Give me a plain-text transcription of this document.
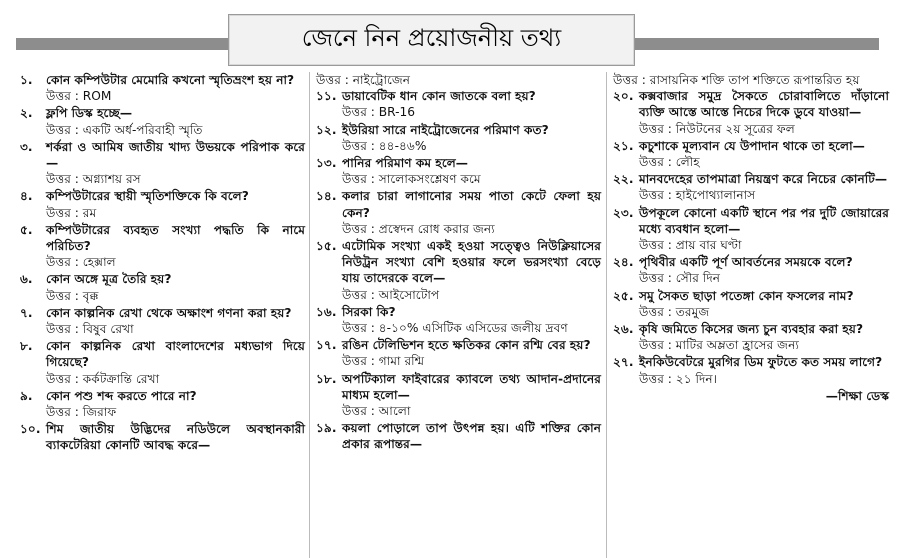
জেনে নিন প্রয়োজনীয় তথ্য
১.	কোন কম্পিউটার মেমোরি কখনো স্মৃতিভ্রংশ হয় না?
উত্তর : ROM
২.	ফ্লপি ডিস্ক হচ্ছে—
উত্তর : একটি অর্ধ-পরিবাহী স্মৃতি
৩.	শর্করা ও আমিষ জাতীয় খাদ্য উভয়কে পরিপাক করে—
উত্তর : অগ্ন্যাশয় রস
৪.	কম্পিউটারের স্থায়ী স্মৃতিশক্তিকে কি বলে?
উত্তর : রম
৫.	কম্পিউটারের ব্যবহৃত সংখ্যা পদ্ধতি কি নামে পরিচিত?
উত্তর : হেক্সাল
৬.	কোন অঙ্গে মূত্র তৈরি হয়?
উত্তর : বৃক্ক
৭.	কোন কাল্পনিক রেখা থেকে অক্ষাংশ গণনা করা হয়?
উত্তর : বিষুব রেখা
৮.	কোন কাল্পনিক রেখা বাংলাদেশের মধ্যভাগ দিয়ে গিয়েছে?
উত্তর : কর্কটক্রান্তি রেখা
৯.	কোন পশু শব্দ করতে পারে না?
উত্তর : জিরাফ
১০. শিম জাতীয় উদ্ভিদের নডিউলে অবস্থানকারী ব্যাকটেরিয়া কোনটি আবদ্ধ করে—
উত্তর : নাইট্রোজেন
১১. ডায়াবেটিক ধান কোন জাতকে বলা হয়?
উত্তর : BR-16
১২. ইউরিয়া সারে নাইট্রোজেনের পরিমাণ কত?
উত্তর : ৪৪-৪৬%
১৩. পানির পরিমাণ কম হলে—
উত্তর : সালোকসংশ্লেষণ কমে
১৪. কলার চারা লাগানোর সময় পাতা কেটে ফেলা হয় কেন?
উত্তর : প্রস্বেদন রোধ করার জন্য
১৫. এটোমিক সংখ্যা একই হওয়া সত্ত্বেও নিউক্লিয়াসের নিউট্রন সংখ্যা বেশি হওয়ার ফলে ভরসংখ্যা বেড়ে যায় তাদেরকে বলে—
উত্তর : আইসোটোপ
১৬. সিরকা কি?
উত্তর : ৪-১০% এসিটিক এসিডের জলীয় দ্রবণ
১৭. রঙিন টেলিভিশন হতে ক্ষতিকর কোন রশ্মি বের হয়?
উত্তর : গামা রশ্মি
১৮. অপটিক্যাল ফাইবারের ক্যাবলে তথ্য আদান-প্রদানের মাধ্যম হলো—
উত্তর : আলো
১৯. কয়লা পোড়ালে তাপ উৎপন্ন হয়। এটি শক্তির কোন প্রকার রূপান্তর—
উত্তর : রাসায়নিক শক্তি তাপ শক্তিতে রূপান্তরিত হয়
২০. কক্সবাজার সমুদ্র সৈকতে চোরাবালিতে দাঁড়ানো ব্যক্তি আস্তে আস্তে নিচের দিকে ডুবে যাওয়া—
উত্তর : নিউটনের ২য় সূত্রের ফল
২১. কচুশাকে মূল্যবান যে উপাদান থাকে তা হলো—
উত্তর : লৌহ
২২. মানবদেহের তাপমাত্রা নিয়ন্ত্রণ করে নিচের কোনটি—
উত্তর : হাইপোথ্যালানাস
২৩. উপকূলে কোনো একটি স্থানে পর পর দুটি জোয়ারের মধ্যে ব্যবধান হলো—
উত্তর : প্রায় বার ঘণ্টা
২৪. পৃথিবীর একটি পূর্ণ আবর্তনের সময়কে বলে?
উত্তর : সৌর দিন
২৫. সমু সৈকত ছাড়া পতেঙ্গা কোন ফসলের নাম?
উত্তর : তরমুজ
২৬. কৃষি জমিতে কিসের জন্য চুন ব্যবহার করা হয়?
উত্তর : মাটির অম্লতা হ্রাসের জন্য
২৭. ইনকিউবেটরে মুরগির ডিম ফুটতে কত সময় লাগে?
উত্তর : ২১ দিন।
—শিক্ষা ডেস্ক
